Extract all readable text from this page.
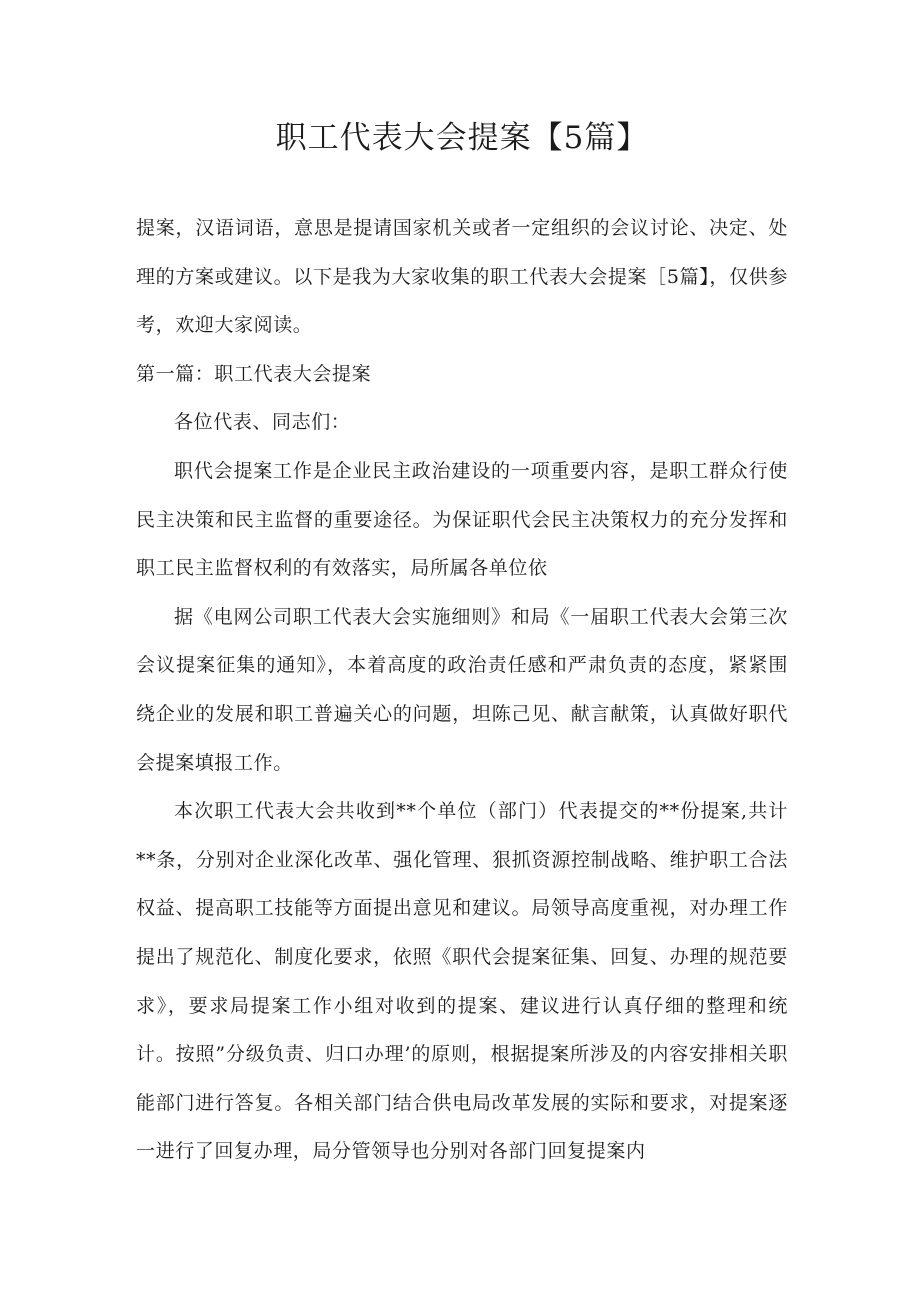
职工代表大会提案【5篇】

提案，汉语词语，意思是提请国家机关或者一定组织的会议讨论、决定、处理的方案或建议。以下是我为大家收集的职工代表大会提案［5篇】，仅供参考，欢迎大家阅读。

第一篇：职工代表大会提案

各位代表、同志们：

职代会提案工作是企业民主政治建设的一项重要内容，是职工群众行使民主决策和民主监督的重要途径。为保证职代会民主决策权力的充分发挥和职工民主监督权利的有效落实，局所属各单位依

据《电网公司职工代表大会实施细则》和局《一届职工代表大会第三次会议提案征集的通知》，本着高度的政治责任感和严肃负责的态度，紧紧围绕企业的发展和职工普遍关心的问题，坦陈己见、献言献策，认真做好职代会提案填报工作。

本次职工代表大会共收到**个单位（部门）代表提交的**份提案,共计**条，分别对企业深化改革、强化管理、狠抓资源控制战略、维护职工合法权益、提高职工技能等方面提出意见和建议。局领导高度重视，对办理工作提出了规范化、制度化要求，依照《职代会提案征集、回复、办理的规范要求》，要求局提案工作小组对收到的提案、建议进行认真仔细的整理和统计。按照”分级负责、归口办理’的原则，根据提案所涉及的内容安排相关职能部门进行答复。各相关部门结合供电局改革发展的实际和要求，对提案逐一进行了回复办理，局分管领导也分别对各部门回复提案内
